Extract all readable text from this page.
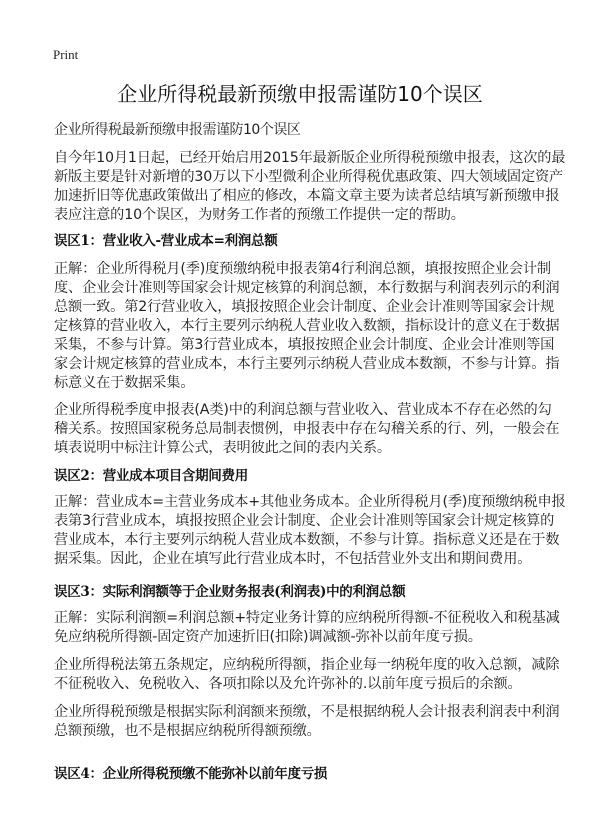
Print
企业所得税最新预缴申报需谨防10个误区
企业所得税最新预缴申报需谨防10个误区
自今年10月1日起，已经开始启用2015年最新版企业所得税预缴申报表，这次的最
新版主要是针对新增的30万以下小型微利企业所得税优惠政策、四大领域固定资产
加速折旧等优惠政策做出了相应的修改，本篇文章主要为读者总结填写新预缴申报
表应注意的10个误区，为财务工作者的预缴工作提供一定的帮助。
误区1：营业收入-营业成本=利润总额
正解：企业所得税月(季)度预缴纳税申报表第4行利润总额，填报按照企业会计制
度、企业会计准则等国家会计规定核算的利润总额，本行数据与利润表列示的利润
总额一致。第2行营业收入，填报按照企业会计制度、企业会计准则等国家会计规
定核算的营业收入，本行主要列示纳税人营业收入数额，指标设计的意义在于数据
采集，不参与计算。第3行营业成本，填报按照企业会计制度、企业会计准则等国
家会计规定核算的营业成本，本行主要列示纳税人营业成本数额，不参与计算。指
标意义在于数据采集。
企业所得税季度申报表(A类)中的利润总额与营业收入、营业成本不存在必然的勾
稽关系。按照国家税务总局制表惯例，申报表中存在勾稽关系的行、列，一般会在
填表说明中标注计算公式，表明彼此之间的表内关系。
误区2：营业成本项目含期间费用
正解：营业成本=主营业务成本+其他业务成本。企业所得税月(季)度预缴纳税申报
表第3行营业成本，填报按照企业会计制度、企业会计准则等国家会计规定核算的
营业成本，本行主要列示纳税人营业成本数额，不参与计算。指标意义还是在于数
据采集。因此，企业在填写此行营业成本时，不包括营业外支出和期间费用。
误区3：实际利润额等于企业财务报表(利润表)中的利润总额
正解：实际利润额=利润总额+特定业务计算的应纳税所得额-不征税收入和税基减
免应纳税所得额-固定资产加速折旧(扣除)调减额-弥补以前年度亏损。
企业所得税法第五条规定，应纳税所得额，指企业每一纳税年度的收入总额，减除
不征税收入、免税收入、各项扣除以及允许弥补的.以前年度亏损后的余额。
企业所得税预缴是根据实际利润额来预缴，不是根据纳税人会计报表利润表中利润
总额预缴，也不是根据应纳税所得额预缴。
误区4：企业所得税预缴不能弥补以前年度亏损
